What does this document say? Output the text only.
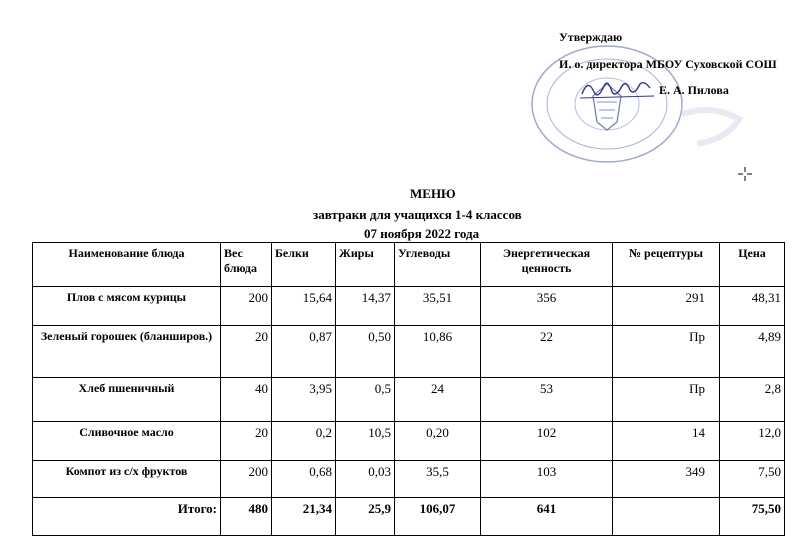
Утверждаю
И. о. директора МБОУ Суховской СОШ
Е. А. Пилова
МЕНЮ
завтраки для учащихся 1-4 классов
07 ноября 2022 года
Наименование блюда	Вес блюда	Белки	Жиры	Углеводы	Энергетическая ценность	№ рецептуры	Цена
Плов с мясом курицы	200	15,64	14,37	35,51	356	291	48,31
Зеленый горошек (бланширов.)	20	0,87	0,50	10,86	22	Пр	4,89
Хлеб пшеничный	40	3,95	0,5	24	53	Пр	2,8
Сливочное масло	20	0,2	10,5	0,20	102	14	12,0
Компот из с/х фруктов	200	0,68	0,03	35,5	103	349	7,50
Итого:	480	21,34	25,9	106,07	641		75,50
